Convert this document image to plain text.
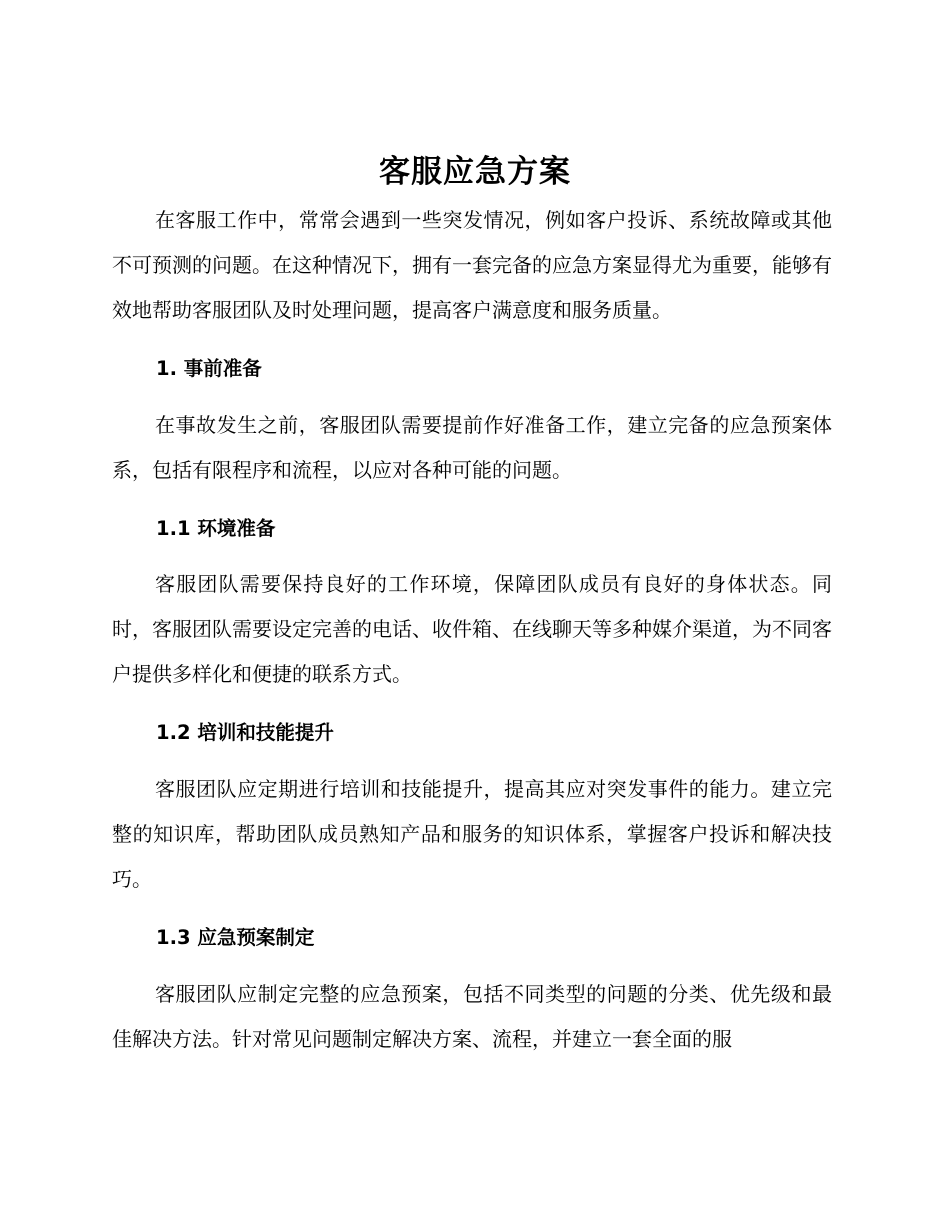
客服应急方案
在客服工作中，常常会遇到一些突发情况，例如客户投诉、系统故障或其他不可预测的问题。在这种情况下，拥有一套完备的应急方案显得尤为重要，能够有效地帮助客服团队及时处理问题，提高客户满意度和服务质量。
1. 事前准备
在事故发生之前，客服团队需要提前作好准备工作，建立完备的应急预案体系，包括有限程序和流程，以应对各种可能的问题。
1.1 环境准备
客服团队需要保持良好的工作环境，保障团队成员有良好的身体状态。同时，客服团队需要设定完善的电话、收件箱、在线聊天等多种媒介渠道，为不同客户提供多样化和便捷的联系方式。
1.2 培训和技能提升
客服团队应定期进行培训和技能提升，提高其应对突发事件的能力。建立完整的知识库，帮助团队成员熟知产品和服务的知识体系，掌握客户投诉和解决技巧。
1.3 应急预案制定
客服团队应制定完整的应急预案，包括不同类型的问题的分类、优先级和最佳解决方法。针对常见问题制定解决方案、流程，并建立一套全面的服
